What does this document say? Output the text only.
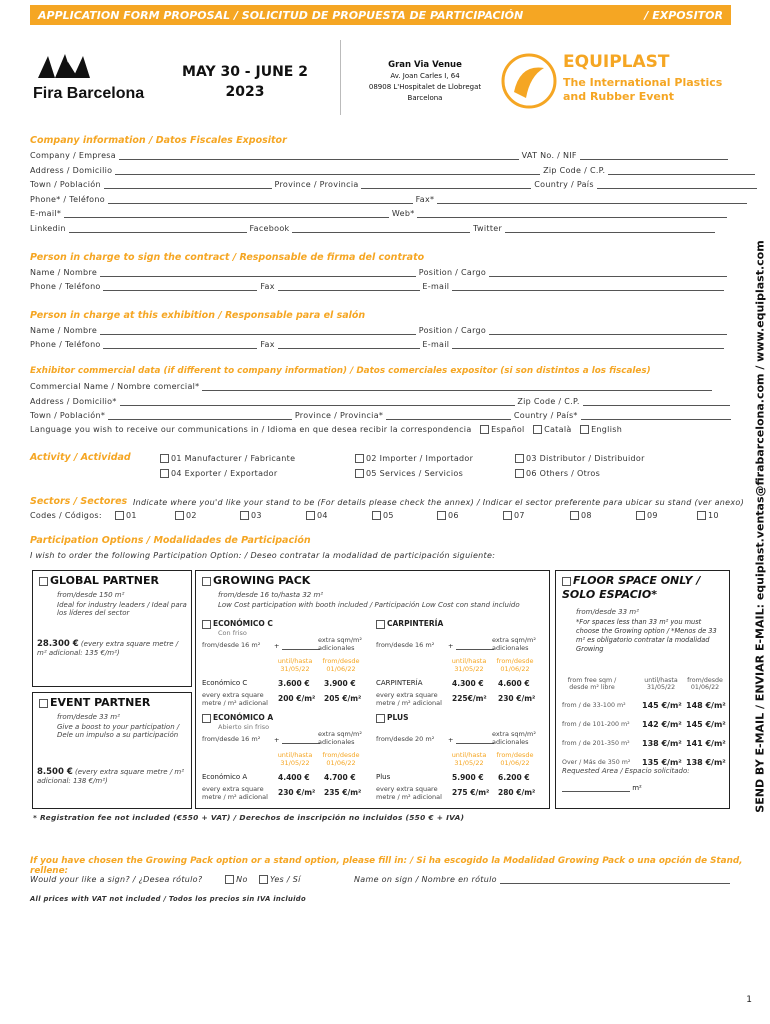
APPLICATION FORM PROPOSAL / SOLICITUD DE PROPUESTA DE PARTICIPACIÓN	/ EXPOSITOR
Fira Barcelona
MAY 30 - JUNE 2
2023
Gran Via Venue
Av. Joan Carles I, 64
08908 L'Hospitalet de Llobregat
Barcelona
EQUIPLAST
The International Plastics and Rubber Event
Company information / Datos Fiscales Expositor
Company / Empresa	VAT No. / NIF
Address / Domicilio	Zip Code / C.P.
Town / Población	Province / Provincia	Country / País
Phone* / Teléfono	Fax*
E-mail*	Web*
Linkedin	Facebook	Twitter
Person in charge to sign the contract / Responsable de firma del contrato
Name / Nombre	Position / Cargo
Phone / Teléfono	Fax	E-mail
Person in charge at this exhibition / Responsable para el salón
Name / Nombre	Position / Cargo
Phone / Teléfono	Fax	E-mail
Exhibitor commercial data (if different to company information) / Datos comerciales expositor (si son distintos a los fiscales)
Commercial Name / Nombre comercial*
Address / Domicilio*	Zip Code / C.P.
Town / Población*	Province / Provincia*	Country / País*
Language you wish to receive our communications in / Idioma en que desea recibir la correspondencia Español Català English
Activity / Actividad	01 Manufacturer / Fabricante	02 Importer / Importador	03 Distributor / Distribuidor
04 Exporter / Exportador	05 Services / Servicios	06 Others / Otros
Sectors / Sectores Indicate where you'd like your stand to be (For details please check the annex) / Indicar el sector preferente para ubicar su stand (ver anexo)
Codes / Códigos:	01	02	03	04	05	06	07	08	09	10
Participation Options / Modalidades de Participación
I wish to order the following Participation Option: / Deseo contratar la modalidad de participación siguiente:
GLOBAL PARTNER
from/desde 150 m²
Ideal for industry leaders / Ideal para los líderes del sector
28.300 € (every extra square metre / m² adicional: 135 €/m²)
EVENT PARTNER
from/desde 33 m²
Give a boost to your participation / Dele un impulso a su participación
8.500 € (every extra square metre / m² adicional: 138 €/m²)
GROWING PACK
from/desde 16 to/hasta 32 m²
Low Cost participation with booth included / Participación Low Cost con stand incluido
ECONÓMICO C
Con friso
from/desde 16 m² +
extra sqm/m² adicionales
until/hasta 31/05/22
from/desde 01/06/22
Económico C	3.600 € 3.900 €
every extra square metre / m² adicional	200 €/m² 205 €/m²
CARPINTERÍA
from/desde 16 m² +
extra sqm/m² adicionales
until/hasta 31/05/22
from/desde 01/06/22
CARPINTERÍA	4.300 € 4.600 €
every extra square metre / m² adicional	225€/m² 230 €/m²
ECONÓMICO A
Abierto sin friso
from/desde 16 m² +
extra sqm/m² adicionales
until/hasta 31/05/22
from/desde 01/06/22
Económico A	4.400 € 4.700 €
every extra square metre / m² adicional	230 €/m² 235 €/m²
PLUS
from/desde 20 m² +
extra sqm/m² adicionales
until/hasta 31/05/22
from/desde 01/06/22
Plus	5.900 € 6.200 €
every extra square metre / m² adicional	275 €/m² 280 €/m²
FLOOR SPACE ONLY / SOLO ESPACIO*
from/desde 33 m²
*For spaces less than 33 m² you must choose the Growing option / *Menos de 33 m² es obligatorio contratar la modalidad Growing
from free sqm / desde m² libre
until/hasta 31/05/22
from/desde 01/06/22
from / de 33-100 m²	145 €/m² 148 €/m²
from / de 101-200 m²	142 €/m² 145 €/m²
from / de 201-350 m²	138 €/m² 141 €/m²
Over / Más de 350 m²	135 €/m² 138 €/m²
Requested Area / Espacio solicitado:
m²
* Registration fee not included (€550 + VAT) / Derechos de inscripción no incluidos (550 € + IVA)
If you have chosen the Growing Pack option or a stand option, please fill in: / Si ha escogido la Modalidad Growing Pack o una opción de Stand, rellene:
Would your like a sign? / ¿Desea rótulo?	No	Yes / Sí	Name on sign / Nombre en rótulo
All prices with VAT not included / Todos los precios sin IVA incluido
SEND BY E-MAIL / ENVIAR E-MAIL: equiplast.ventas@firabarcelona.com / www.equiplast.com
1
